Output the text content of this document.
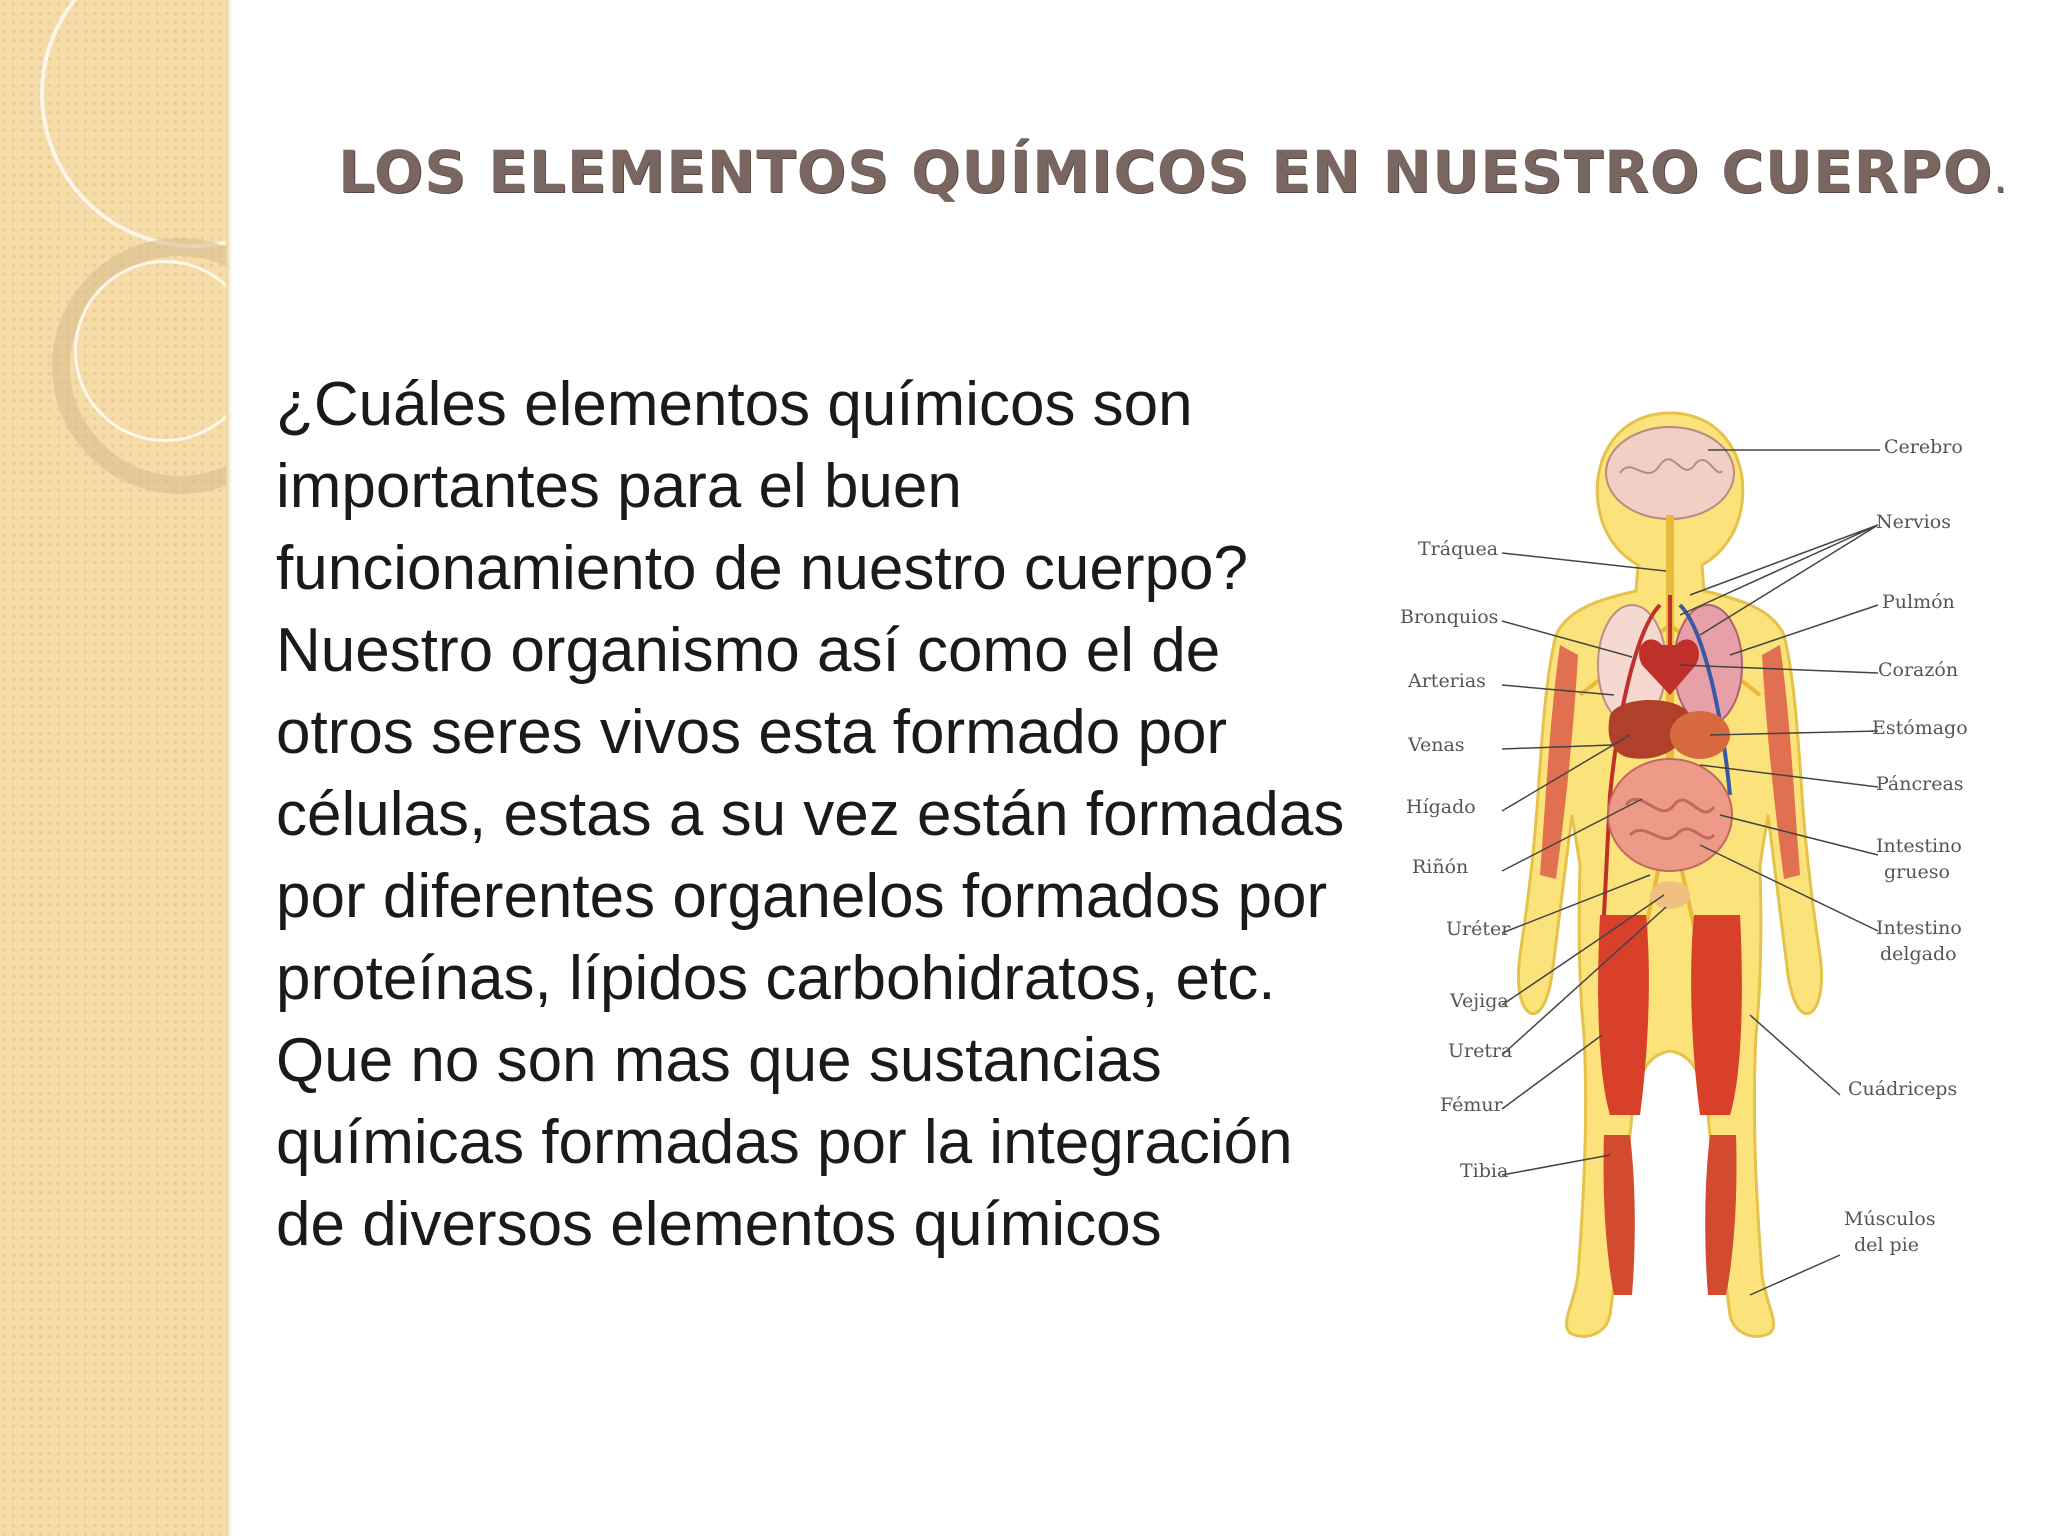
LOS ELEMENTOS QUÍMICOS EN NUESTRO CUERPO.

¿Cuáles elementos químicos son importantes para el buen funcionamiento de nuestro cuerpo?

Nuestro organismo así como el de otros seres vivos esta formado por células, estas a su vez están formadas por diferentes organelos formados por proteínas, lípidos carbohidratos, etc. Que no son mas que sustancias químicas formadas por la integración de diversos elementos químicos

Tráquea
Bronquios
Arterias
Venas
Hígado
Riñón
Uréter
Vejiga
Uretra
Fémur
Tibia
Cerebro
Nervios
Pulmón
Corazón
Estómago
Páncreas
Intestino
grueso
Intestino
delgado
Cuádriceps
Músculos
del pie
